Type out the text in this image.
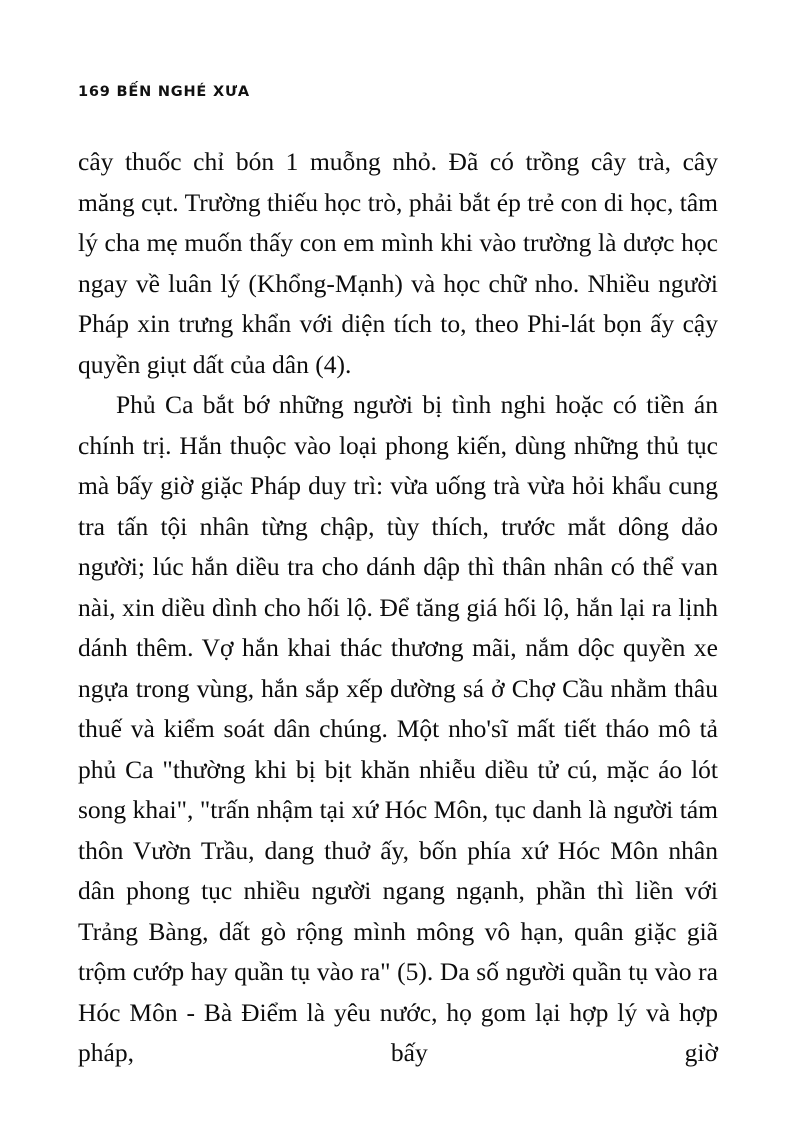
169 BẾN NGHÉ XƯA

cây thuốc chỉ bón 1 muỗng nhỏ. Đã có trồng cây trà, cây măng cụt. Trường thiếu học trò, phải bắt ép trẻ con di học, tâm lý cha mẹ muốn thấy con em mình khi vào trường là dược học ngay về luân lý (Khổng-Mạnh) và học chữ nho. Nhiều người Pháp xin trưng khẩn với diện tích to, theo Phi-lát bọn ấy cậy quyền giụt dất của dân (4).

Phủ Ca bắt bớ những người bị tình nghi hoặc có tiền án chính trị. Hắn thuộc vào loại phong kiến, dùng những thủ tục mà bấy giờ giặc Pháp duy trì: vừa uống trà vừa hỏi khẩu cung tra tấn tội nhân từng chập, tùy thích, trước mắt dông dảo người; lúc hắn diều tra cho dánh dập thì thân nhân có thể van nài, xin diều dình cho hối lộ. Để tăng giá hối lộ, hắn lại ra lịnh dánh thêm. Vợ hắn khai thác thương mãi, nắm dộc quyền xe ngựa trong vùng, hắn sắp xếp dường sá ở Chợ Cầu nhằm thâu thuế và kiểm soát dân chúng. Một nho'sĩ mất tiết tháo mô tả phủ Ca "thường khi bị bịt khăn nhiễu diều tử cú, mặc áo lót song khai", "trấn nhậm tại xứ Hóc Môn, tục danh là người tám thôn Vườn Trầu, dang thuở ấy, bốn phía xứ Hóc Môn nhân dân phong tục nhiều người ngang ngạnh, phần thì liền với Trảng Bàng, dất gò rộng mình mông vô hạn, quân giặc giã trộm cướp hay quần tụ vào ra" (5). Da số người quần tụ vào ra Hóc Môn - Bà Điểm là yêu nước, họ gom lại hợp lý và hợp pháp, bấy giờ
